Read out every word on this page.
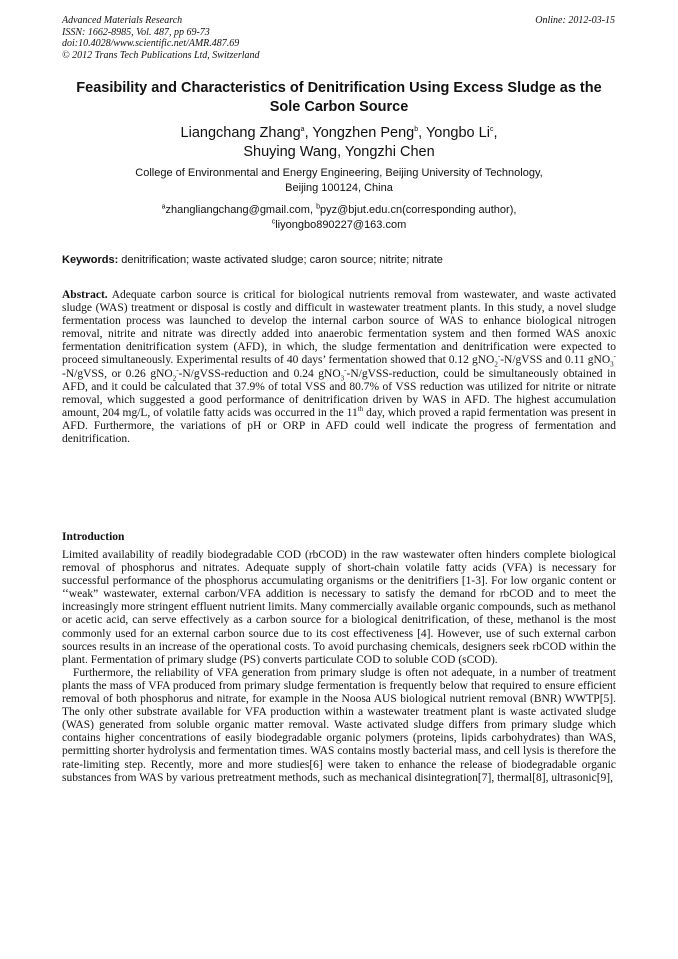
Advanced Materials Research
ISSN: 1662-8985, Vol. 487, pp 69-73
doi:10.4028/www.scientific.net/AMR.487.69
© 2012 Trans Tech Publications Ltd, Switzerland
Online: 2012-03-15
Feasibility and Characteristics of Denitrification Using Excess Sludge as the Sole Carbon Source
Liangchang Zhang$^a$, Yongzhen Peng$^b$, Yongbo Li$^c$,
Shuying Wang, Yongzhi Chen
College of Environmental and Energy Engineering, Beijing University of Technology,
Beijing 100124, China
$^a$zhangliangchang@gmail.com, $^b$pyz@bjut.edu.cn(corresponding author),
$^c$liyongbo890227@163.com
Keywords: denitrification; waste activated sludge; caron source; nitrite; nitrate
Abstract. Adequate carbon source is critical for biological nutrients removal from wastewater, and waste activated sludge (WAS) treatment or disposal is costly and difficult in wastewater treatment plants. In this study, a novel sludge fermentation process was launched to develop the internal carbon source of WAS to enhance biological nitrogen removal, nitrite and nitrate was directly added into anaerobic fermentation system and then formed WAS anoxic fermentation denitrification system (AFD), in which, the sludge fermentation and denitrification were expected to proceed simultaneously. Experimental results of 40 days’ fermentation showed that 0.12 gNO$_2$--N/gVSS and 0.11 gNO$_3$--N/gVSS, or 0.26 gNO$_2$--N/gVSS-reduction and 0.24 gNO$_3$--N/gVSS-reduction, could be simultaneously obtained in AFD, and it could be calculated that 37.9% of total VSS and 80.7% of VSS reduction was utilized for nitrite or nitrate removal, which suggested a good performance of denitrification driven by WAS in AFD. The highest accumulation amount, 204 mg/L, of volatile fatty acids was occurred in the 11th day, which proved a rapid fermentation was present in AFD. Furthermore, the variations of pH or ORP in AFD could well indicate the progress of fermentation and denitrification.
Introduction

Limited availability of readily biodegradable COD (rbCOD) in the raw wastewater often hinders complete biological removal of phosphorus and nitrates. Adequate supply of short-chain volatile fatty acids (VFA) is necessary for successful performance of the phosphorus accumulating organisms or the denitrifiers [1-3]. For low organic content or ‘‘weak” wastewater, external carbon/VFA addition is necessary to satisfy the demand for rbCOD and to meet the increasingly more stringent effluent nutrient limits. Many commercially available organic compounds, such as methanol or acetic acid, can serve effectively as a carbon source for a biological denitrification, of these, methanol is the most commonly used for an external carbon source due to its cost effectiveness [4]. However, use of such external carbon sources results in an increase of the operational costs. To avoid purchasing chemicals, designers seek rbCOD within the plant. Fermentation of primary sludge (PS) converts particulate COD to soluble COD (sCOD).

Furthermore, the reliability of VFA generation from primary sludge is often not adequate, in a number of treatment plants the mass of VFA produced from primary sludge fermentation is frequently below that required to ensure efficient removal of both phosphorus and nitrate, for example in the Noosa AUS biological nutrient removal (BNR) WWTP[5]. The only other substrate available for VFA production within a wastewater treatment plant is waste activated sludge (WAS) generated from soluble organic matter removal. Waste activated sludge differs from primary sludge which contains higher concentrations of easily biodegradable organic polymers (proteins, lipids carbohydrates) than WAS, permitting shorter hydrolysis and fermentation times. WAS contains mostly bacterial mass, and cell lysis is therefore the rate-limiting step. Recently, more and more studies[6] were taken to enhance the release of biodegradable organic substances from WAS by various pretreatment methods, such as mechanical disintegration[7], thermal[8], ultrasonic[9],
